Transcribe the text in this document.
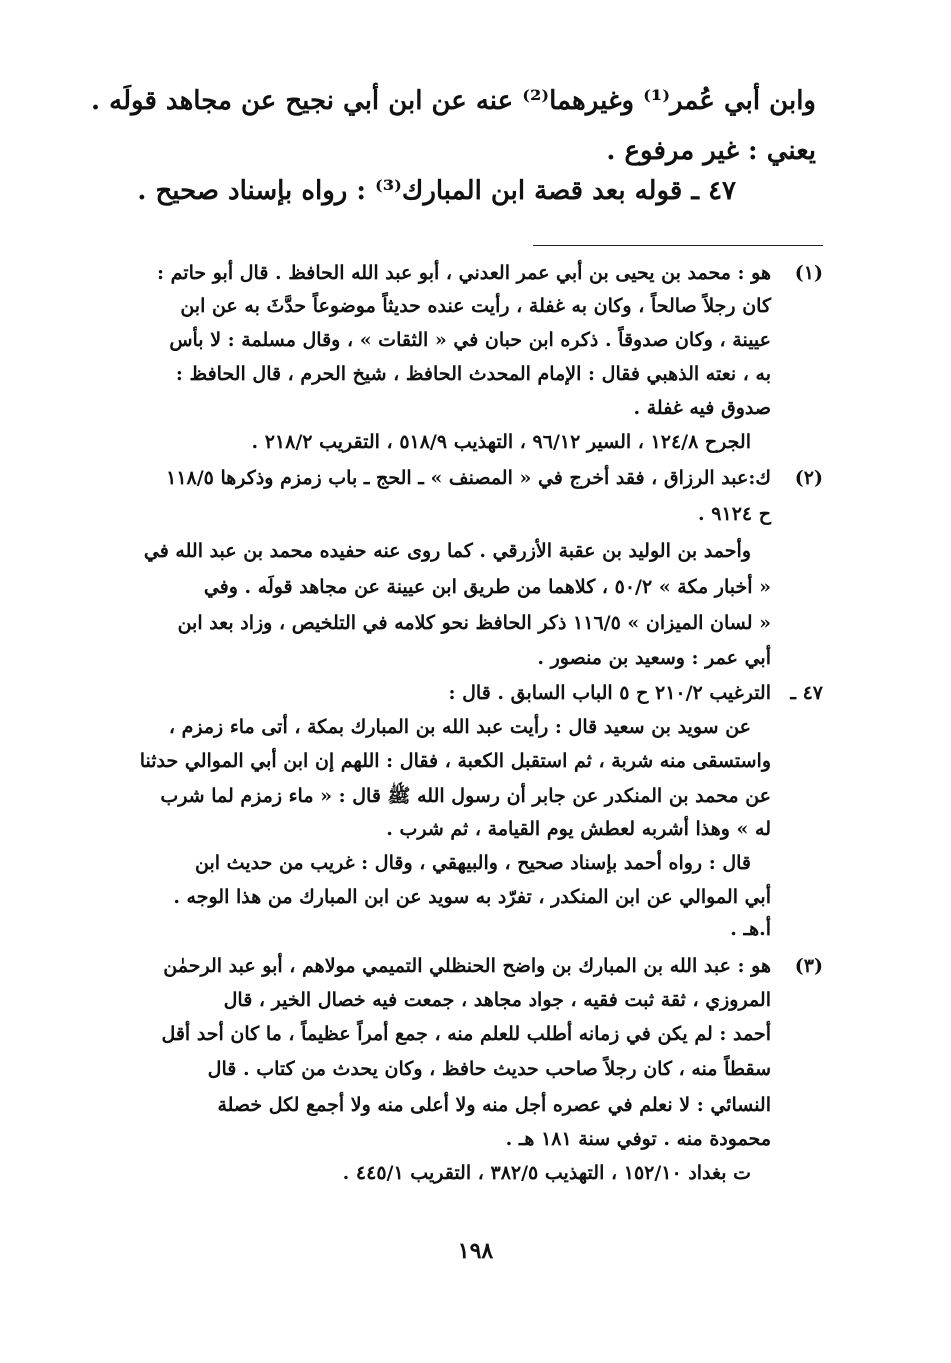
وابن أبي عُمر⁽¹⁾ وغيرهما⁽²⁾ عنه عن ابن أبي نجيح عن مجاهد قولَه .
يعني : غير مرفوع .
٤٧ ـ قوله بعد قصة ابن المبارك⁽³⁾ : رواه بإسناد صحيح .
(١)
هو : محمد بن يحيى بن أبي عمر العدني ، أبو عبد الله الحافظ . قال أبو حاتم :
كان رجلاً صالحاً ، وكان به غفلة ، رأيت عنده حديثاً موضوعاً حدَّثَ به عن ابن
عيينة ، وكان صدوقاً . ذكره ابن حبان في « الثقات » ، وقال مسلمة : لا بأس
به ، نعته الذهبي فقال : الإمام المحدث الحافظ ، شيخ الحرم ، قال الحافظ :
صدوق فيه غفلة .
الجرح ١٢٤/٨ ، السير ٩٦/١٢ ، التهذيب ٥١٨/٩ ، التقريب ٢١٨/٢ .
(٢)
ك:عبد الرزاق ، فقد أخرج في « المصنف » ـ الحج ـ باب زمزم وذكرها ١١٨/٥
ح ٩١٢٤ .
وأحمد بن الوليد بن عقبة الأزرقي . كما روى عنه حفيده محمد بن عبد الله في
« أخبار مكة » ٥٠/٢ ، كلاهما من طريق ابن عيينة عن مجاهد قولَه . وفي
« لسان الميزان » ١١٦/٥ ذكر الحافظ نحو كلامه في التلخيص ، وزاد بعد ابن
أبي عمر : وسعيد بن منصور .
٤٧ ـ
الترغيب ٢١٠/٢ ح ٥ الباب السابق . قال :
عن سويد بن سعيد قال : رأيت عبد الله بن المبارك بمكة ، أتى ماء زمزم ،
واستسقى منه شربة ، ثم استقبل الكعبة ، فقال : اللهم إن ابن أبي الموالي حدثنا
عن محمد بن المنكدر عن جابر أن رسول الله ﷺ قال : « ماء زمزم لما شرب
له » وهذا أشربه لعطش يوم القيامة ، ثم شرب .
قال : رواه أحمد بإسناد صحيح ، والبيهقي ، وقال : غريب من حديث ابن
أبي الموالي عن ابن المنكدر ، تفرّد به سويد عن ابن المبارك من هذا الوجه .
أ.هـ .
(٣)
هو : عبد الله بن المبارك بن واضح الحنظلي التميمي مولاهم ، أبو عبد الرحمٰن
المروزي ، ثقة ثبت فقيه ، جواد مجاهد ، جمعت فيه خصال الخير ، قال
أحمد : لم يكن في زمانه أطلب للعلم منه ، جمع أمراً عظيماً ، ما كان أحد أقل
سقطاً منه ، كان رجلاً صاحب حديث حافظ ، وكان يحدث من كتاب . قال
النسائي : لا نعلم في عصره أجل منه ولا أعلى منه ولا أجمع لكل خصلة
محمودة منه . توفي سنة ١٨١ هـ .
ت بغداد ١٥٢/١٠ ، التهذيب ٣٨٢/٥ ، التقريب ٤٤٥/١ .
١٩٨
